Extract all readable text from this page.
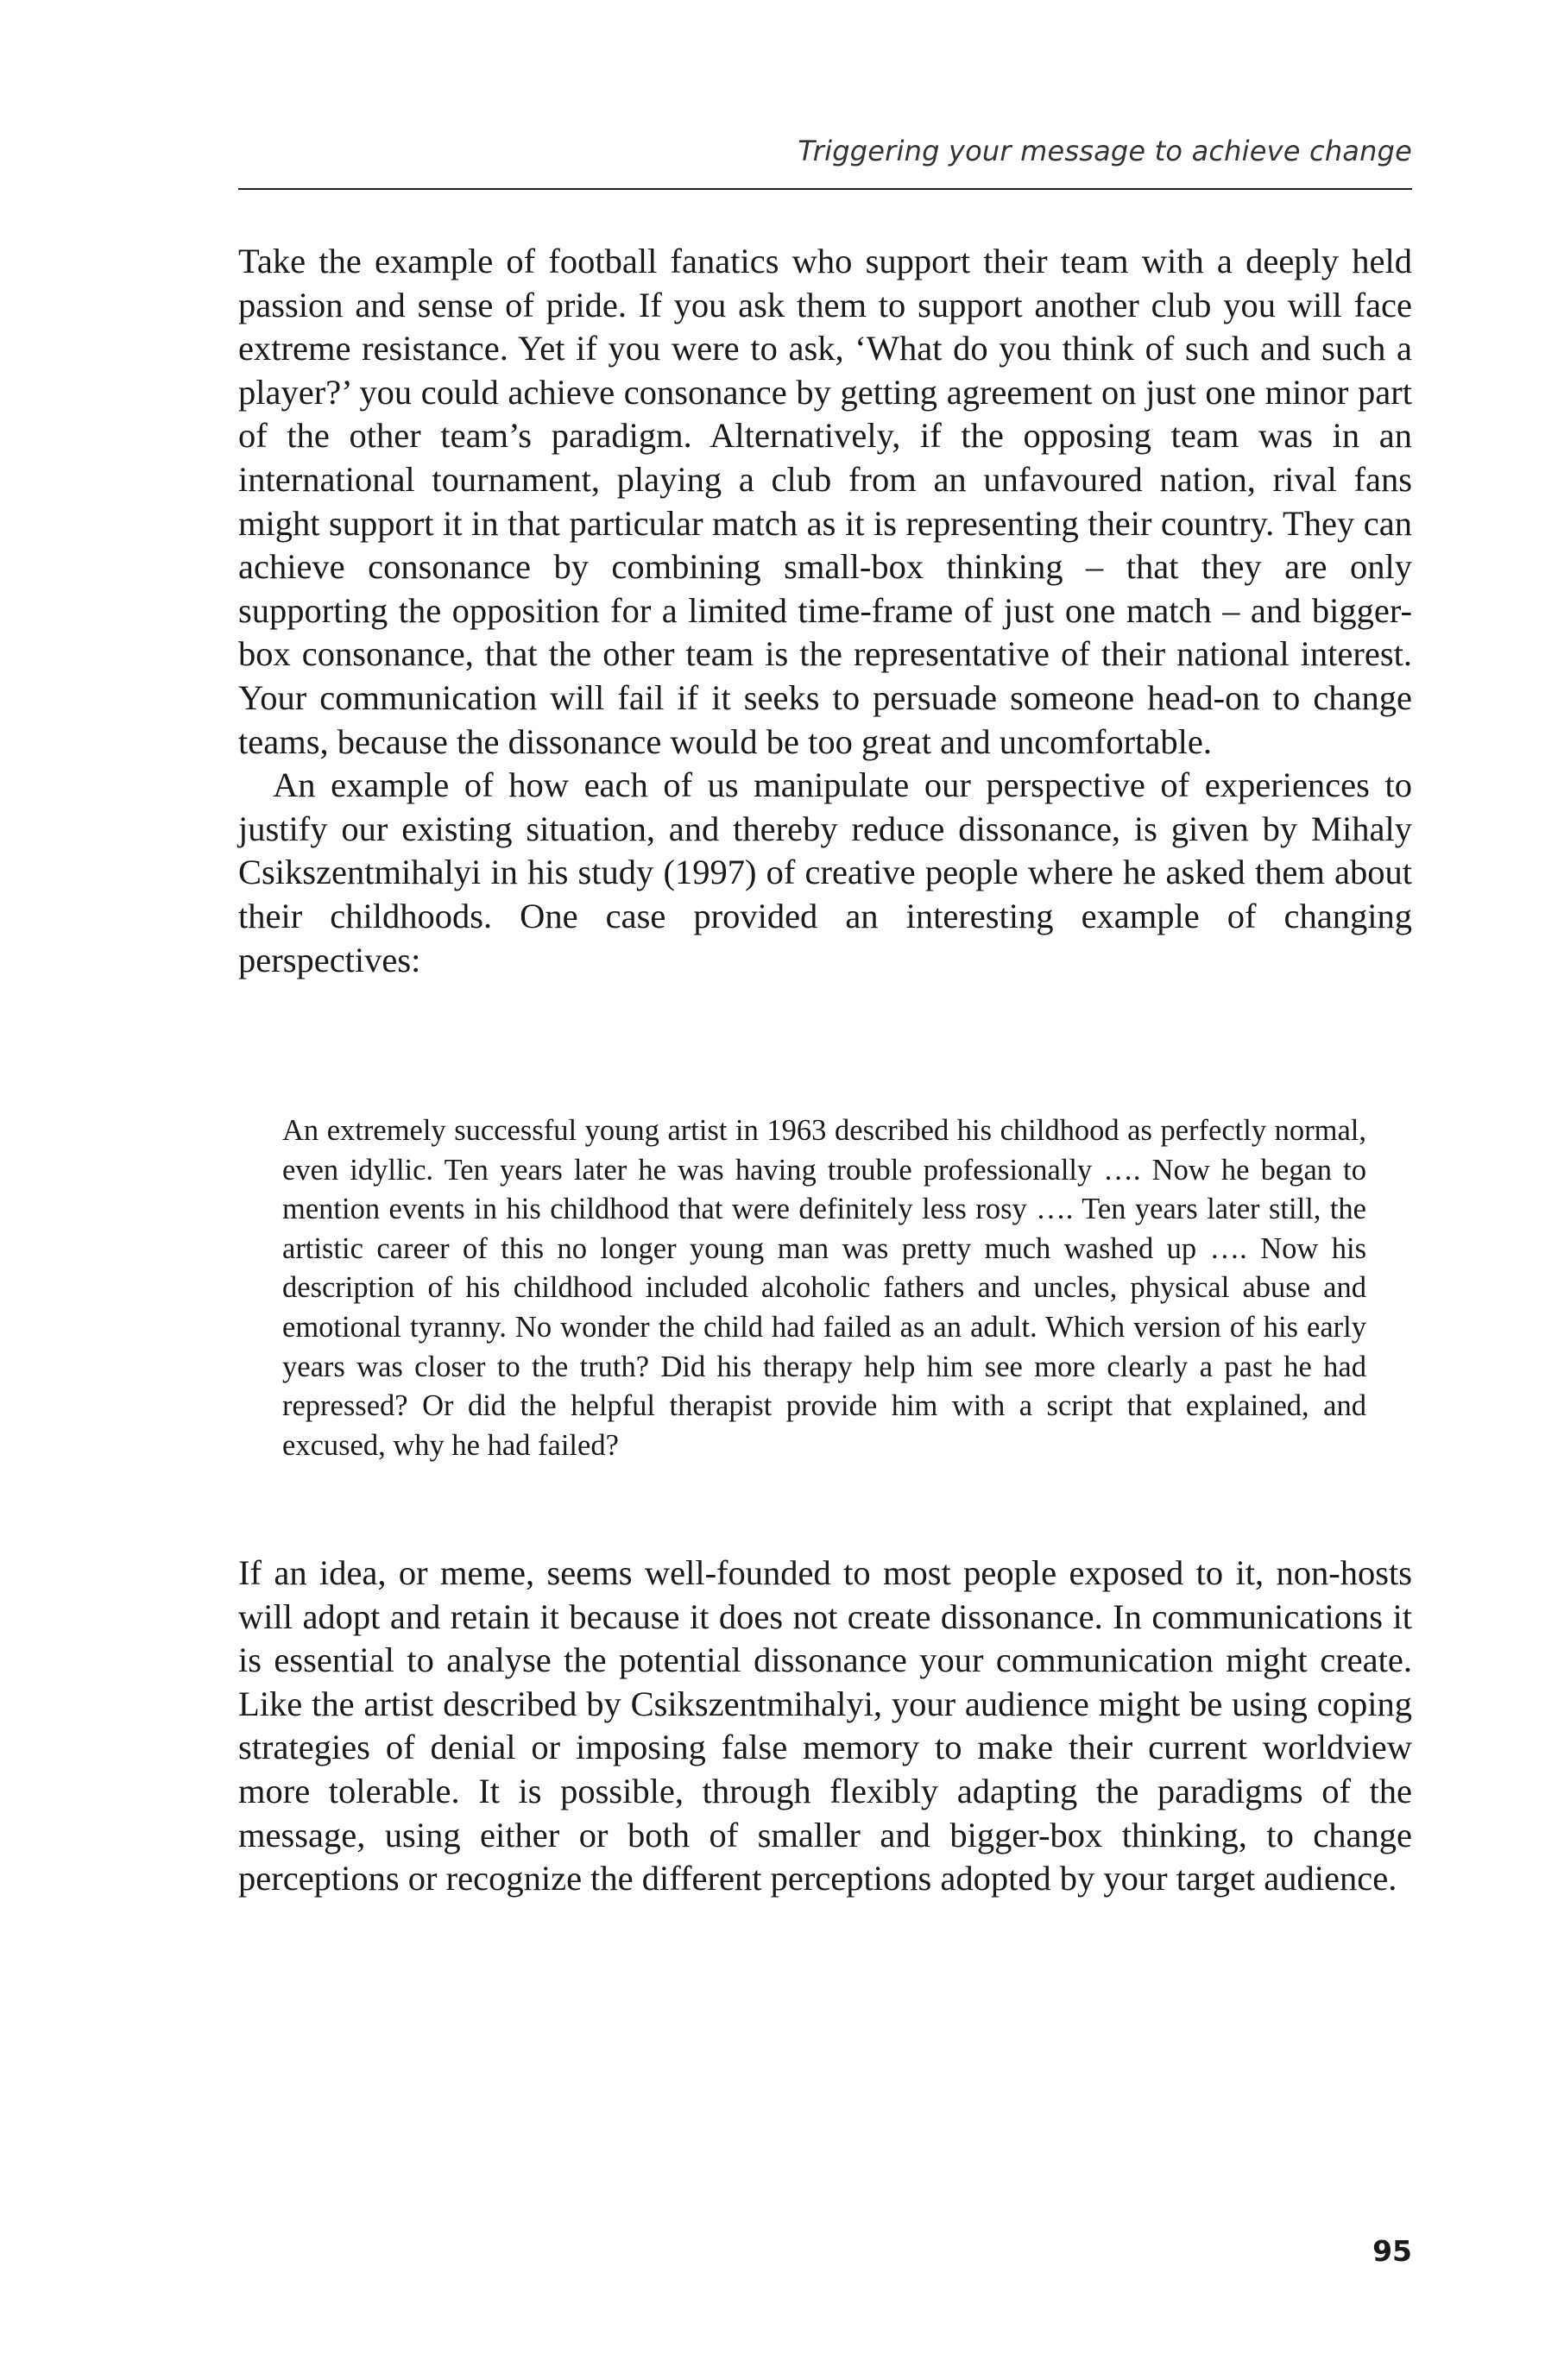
Triggering your message to achieve change

Take the example of football fanatics who support their team with a deeply held passion and sense of pride. If you ask them to support another club you will face extreme resistance. Yet if you were to ask, ‘What do you think of such and such a player?’ you could achieve consonance by getting agreement on just one minor part of the other team’s paradigm. Alternatively, if the opposing team was in an international tournament, playing a club from an unfavoured nation, rival fans might support it in that particular match as it is representing their country. They can achieve consonance by combining small-box thinking – that they are only supporting the opposition for a limited time-frame of just one match – and bigger-box consonance, that the other team is the representative of their national interest. Your communication will fail if it seeks to persuade someone head-on to change teams, because the dissonance would be too great and uncomfortable.

An example of how each of us manipulate our perspective of experiences to justify our existing situation, and thereby reduce dissonance, is given by Mihaly Csikszentmihalyi in his study (1997) of creative people where he asked them about their childhoods. One case provided an interesting example of changing perspectives:

An extremely successful young artist in 1963 described his childhood as perfectly normal, even idyllic. Ten years later he was having trouble professionally …. Now he began to mention events in his childhood that were definitely less rosy …. Ten years later still, the artistic career of this no longer young man was pretty much washed up …. Now his description of his childhood included alcoholic fathers and uncles, physical abuse and emotional tyranny. No wonder the child had failed as an adult. Which version of his early years was closer to the truth? Did his therapy help him see more clearly a past he had repressed? Or did the helpful therapist provide him with a script that explained, and excused, why he had failed?

If an idea, or meme, seems well-founded to most people exposed to it, non-hosts will adopt and retain it because it does not create dissonance. In communications it is essential to analyse the potential dissonance your communication might create. Like the artist described by Csikszentmihalyi, your audience might be using coping strategies of denial or imposing false memory to make their current worldview more tolerable. It is possible, through flexibly adapting the paradigms of the message, using either or both of smaller and bigger-box thinking, to change perceptions or recognize the different perceptions adopted by your target audience.

95
